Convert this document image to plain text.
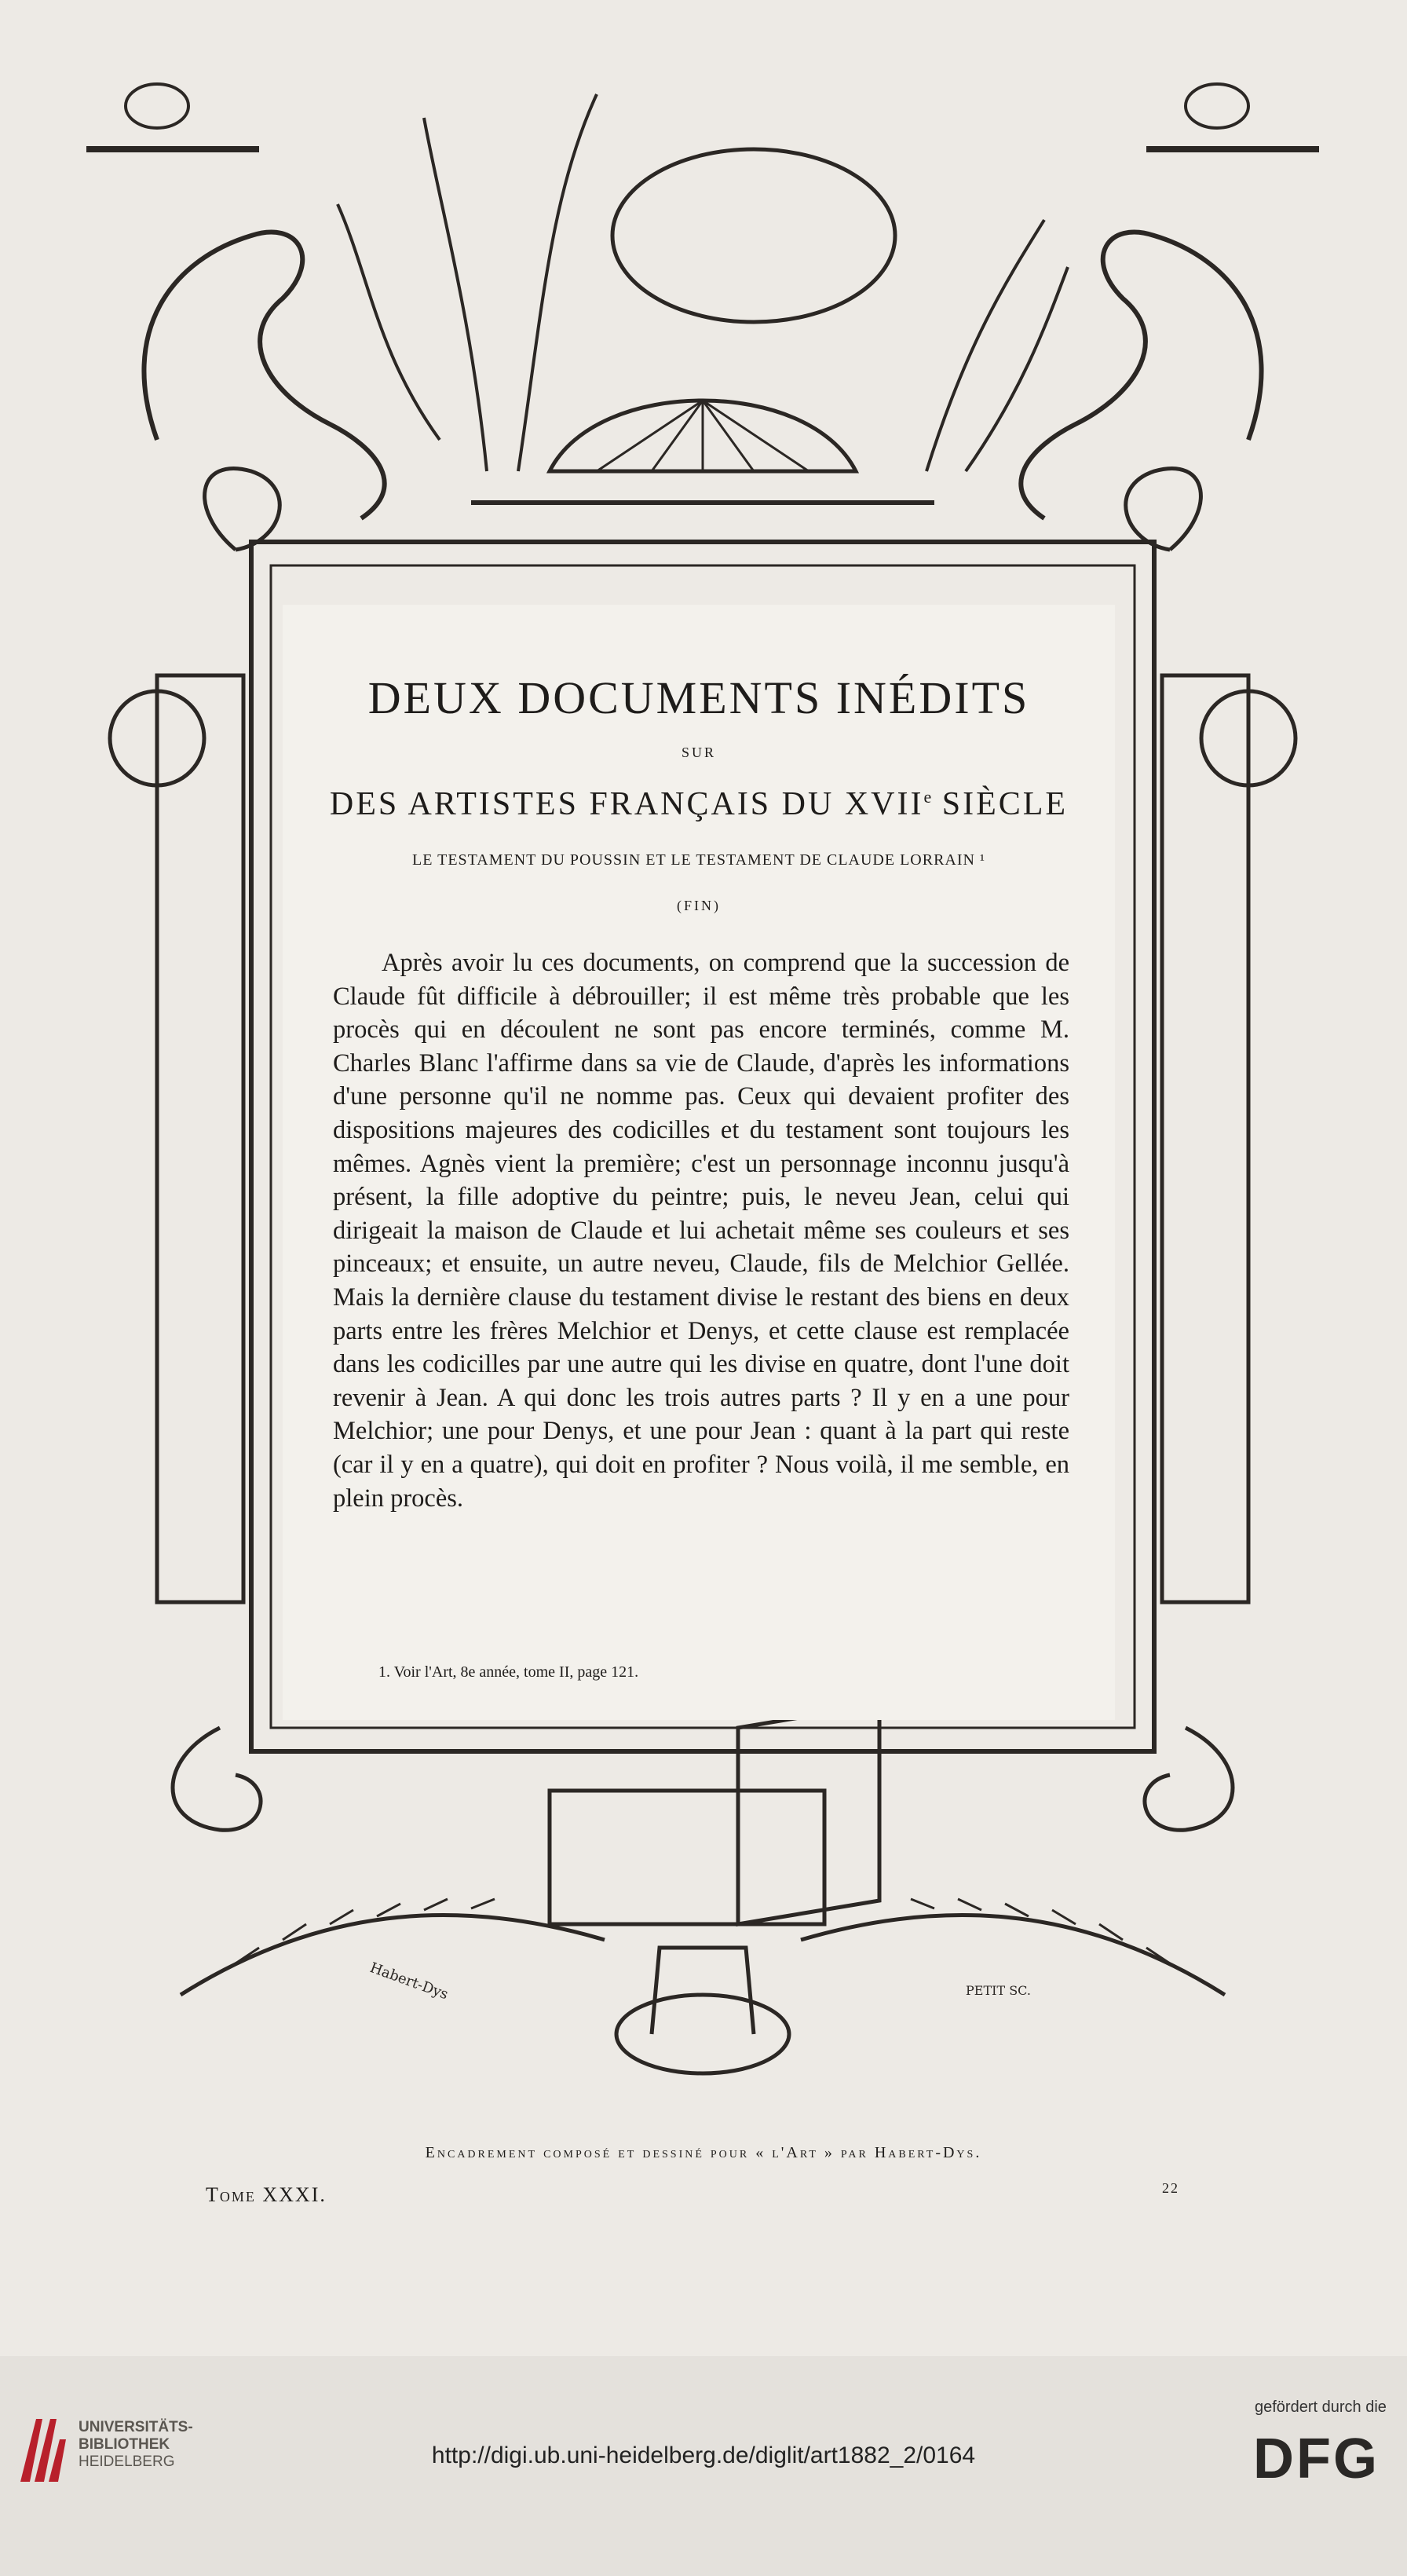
Habert-Dys	PETIT SC.
DEUX DOCUMENTS INÉDITS
SUR
DES ARTISTES FRANÇAIS DU XVIIe SIÈCLE
LE TESTAMENT DU POUSSIN ET LE TESTAMENT DE CLAUDE LORRAIN ¹
(FIN)
Après avoir lu ces documents, on comprend que la succession de Claude fût difficile à débrouiller; il est même très probable que les procès qui en découlent ne sont pas encore terminés, comme M. Charles Blanc l'affirme dans sa vie de Claude, d'après les informations d'une personne qu'il ne nomme pas. Ceux qui devaient profiter des dispositions majeures des codicilles et du testament sont toujours les mêmes. Agnès vient la première; c'est un personnage inconnu jusqu'à présent, la fille adoptive du peintre; puis, le neveu Jean, celui qui dirigeait la maison de Claude et lui achetait même ses couleurs et ses pinceaux; et ensuite, un autre neveu, Claude, fils de Melchior Gellée. Mais la dernière clause du testament divise le restant des biens en deux parts entre les frères Melchior et Denys, et cette clause est remplacée dans les codicilles par une autre qui les divise en quatre, dont l'une doit revenir à Jean. A qui donc les trois autres parts ? Il y en a une pour Melchior; une pour Denys, et une pour Jean : quant à la part qui reste (car il y en a quatre), qui doit en profiter ? Nous voilà, il me semble, en plein procès.
1. Voir l'Art, 8e année, tome II, page 121.
Encadrement composé et dessiné pour « l'Art » par Habert-Dys.
Tome XXXI.	22
UNIVERSITÄTS-
BIBLIOTHEK
HEIDELBERG	http://digi.ub.uni-heidelberg.de/diglit/art1882_2/0164
gefördert durch die
DFG
